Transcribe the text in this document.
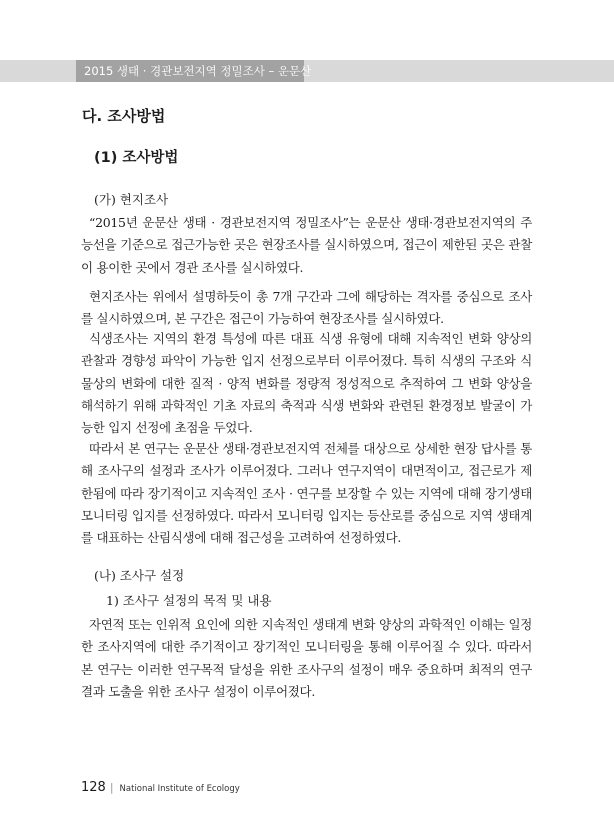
2015 생태 · 경관보전지역 정밀조사 – 운문산
다. 조사방법
(1) 조사방법

(가) 현지조사

“2015년 운문산 생태 · 경관보전지역 정밀조사”는 운문산 생태·경관보전지역의 주능선을 기준으로 접근가능한 곳은 현장조사를 실시하였으며, 접근이 제한된 곳은 관찰이 용이한 곳에서 경관 조사를 실시하였다.

현지조사는 위에서 설명하듯이 총 7개 구간과 그에 해당하는 격자를 중심으로 조사를 실시하였으며, 본 구간은 접근이 가능하여 현장조사를 실시하였다.

식생조사는 지역의 환경 특성에 따른 대표 식생 유형에 대해 지속적인 변화 양상의 관찰과 경향성 파악이 가능한 입지 선정으로부터 이루어졌다. 특히 식생의 구조와 식물상의 변화에 대한 질적 · 양적 변화를 정량적 정성적으로 추적하여 그 변화 양상을 해석하기 위해 과학적인 기초 자료의 축적과 식생 변화와 관련된 환경정보 발굴이 가능한 입지 선정에 초점을 두었다.

따라서 본 연구는 운문산 생태·경관보전지역 전체를 대상으로 상세한 현장 답사를 통해 조사구의 설정과 조사가 이루어졌다. 그러나 연구지역이 대면적이고, 접근로가 제한됨에 따라 장기적이고 지속적인 조사 · 연구를 보장할 수 있는 지역에 대해 장기생태모니터링 입지를 선정하였다. 따라서 모니터링 입지는 등산로를 중심으로 지역 생태계를 대표하는 산림식생에 대해 접근성을 고려하여 선정하였다.

(나) 조사구 설정

1) 조사구 설정의 목적 및 내용

자연적 또는 인위적 요인에 의한 지속적인 생태계 변화 양상의 과학적인 이해는 일정한 조사지역에 대한 주기적이고 장기적인 모니터링을 통해 이루어질 수 있다. 따라서 본 연구는 이러한 연구목적 달성을 위한 조사구의 설정이 매우 중요하며 최적의 연구결과 도출을 위한 조사구 설정이 이루어졌다.

128 | National Institute of Ecology
